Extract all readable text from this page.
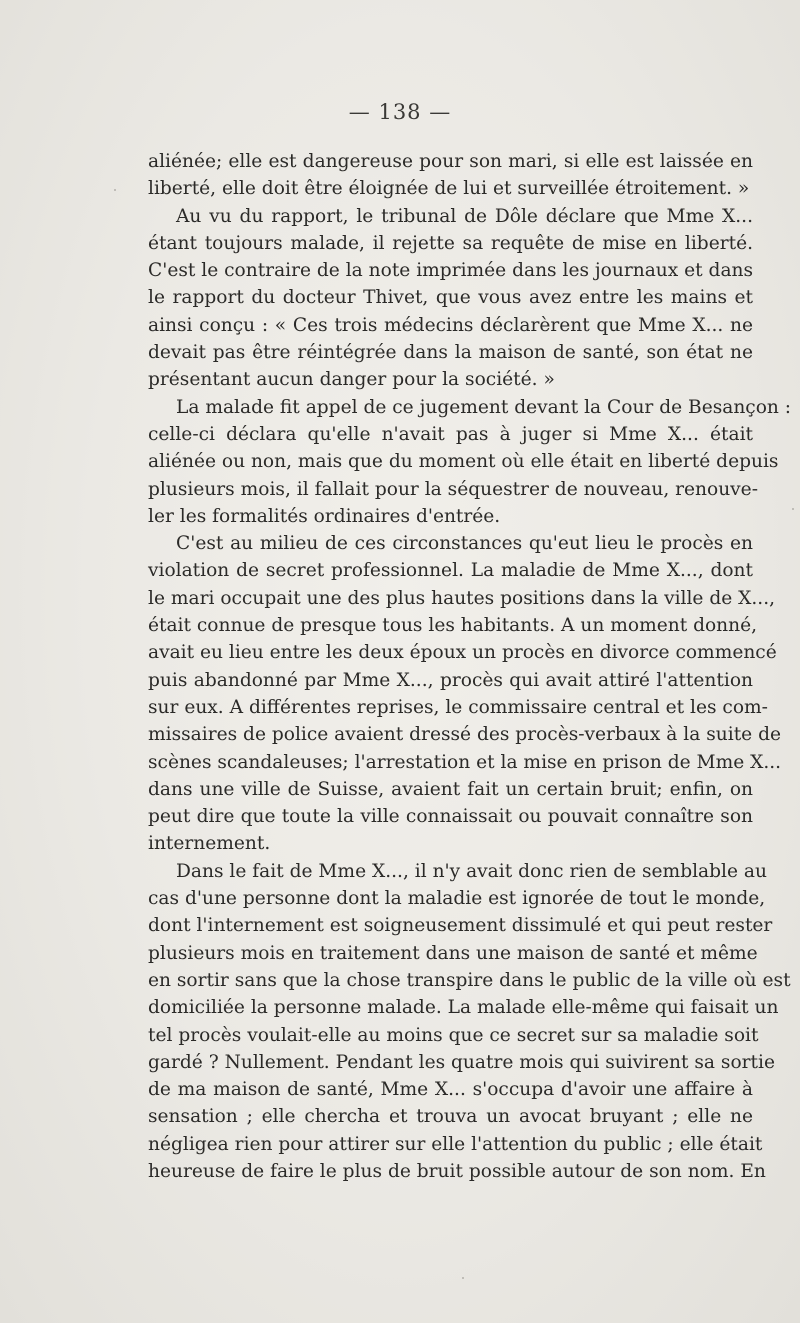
— 138 —
aliénée; elle est dangereuse pour son mari, si elle est laissée en
liberté, elle doit être éloignée de lui et surveillée étroitement. »
Au vu du rapport, le tribunal de Dôle déclare que Mme X...
étant toujours malade, il rejette sa requête de mise en liberté.
C'est le contraire de la note imprimée dans les journaux et dans
le rapport du docteur Thivet, que vous avez entre les mains et
ainsi conçu : « Ces trois médecins déclarèrent que Mme X... ne
devait pas être réintégrée dans la maison de santé, son état ne
présentant aucun danger pour la société. »
La malade fit appel de ce jugement devant la Cour de Besançon :
celle-ci déclara qu'elle n'avait pas à juger si Mme X... était
aliénée ou non, mais que du moment où elle était en liberté depuis
plusieurs mois, il fallait pour la séquestrer de nouveau, renouve-
ler les formalités ordinaires d'entrée.
C'est au milieu de ces circonstances qu'eut lieu le procès en
violation de secret professionnel. La maladie de Mme X..., dont
le mari occupait une des plus hautes positions dans la ville de X...,
était connue de presque tous les habitants. A un moment donné,
avait eu lieu entre les deux époux un procès en divorce commencé
puis abandonné par Mme X..., procès qui avait attiré l'attention
sur eux. A différentes reprises, le commissaire central et les com-
missaires de police avaient dressé des procès-verbaux à la suite de
scènes scandaleuses; l'arrestation et la mise en prison de Mme X...
dans une ville de Suisse, avaient fait un certain bruit; enfin, on
peut dire que toute la ville connaissait ou pouvait connaître son
internement.
Dans le fait de Mme X..., il n'y avait donc rien de semblable au
cas d'une personne dont la maladie est ignorée de tout le monde,
dont l'internement est soigneusement dissimulé et qui peut rester
plusieurs mois en traitement dans une maison de santé et même
en sortir sans que la chose transpire dans le public de la ville où est
domiciliée la personne malade. La malade elle-même qui faisait un
tel procès voulait-elle au moins que ce secret sur sa maladie soit
gardé ? Nullement. Pendant les quatre mois qui suivirent sa sortie
de ma maison de santé, Mme X... s'occupa d'avoir une affaire à
sensation ; elle chercha et trouva un avocat bruyant ; elle ne
négligea rien pour attirer sur elle l'attention du public ; elle était
heureuse de faire le plus de bruit possible autour de son nom. En
